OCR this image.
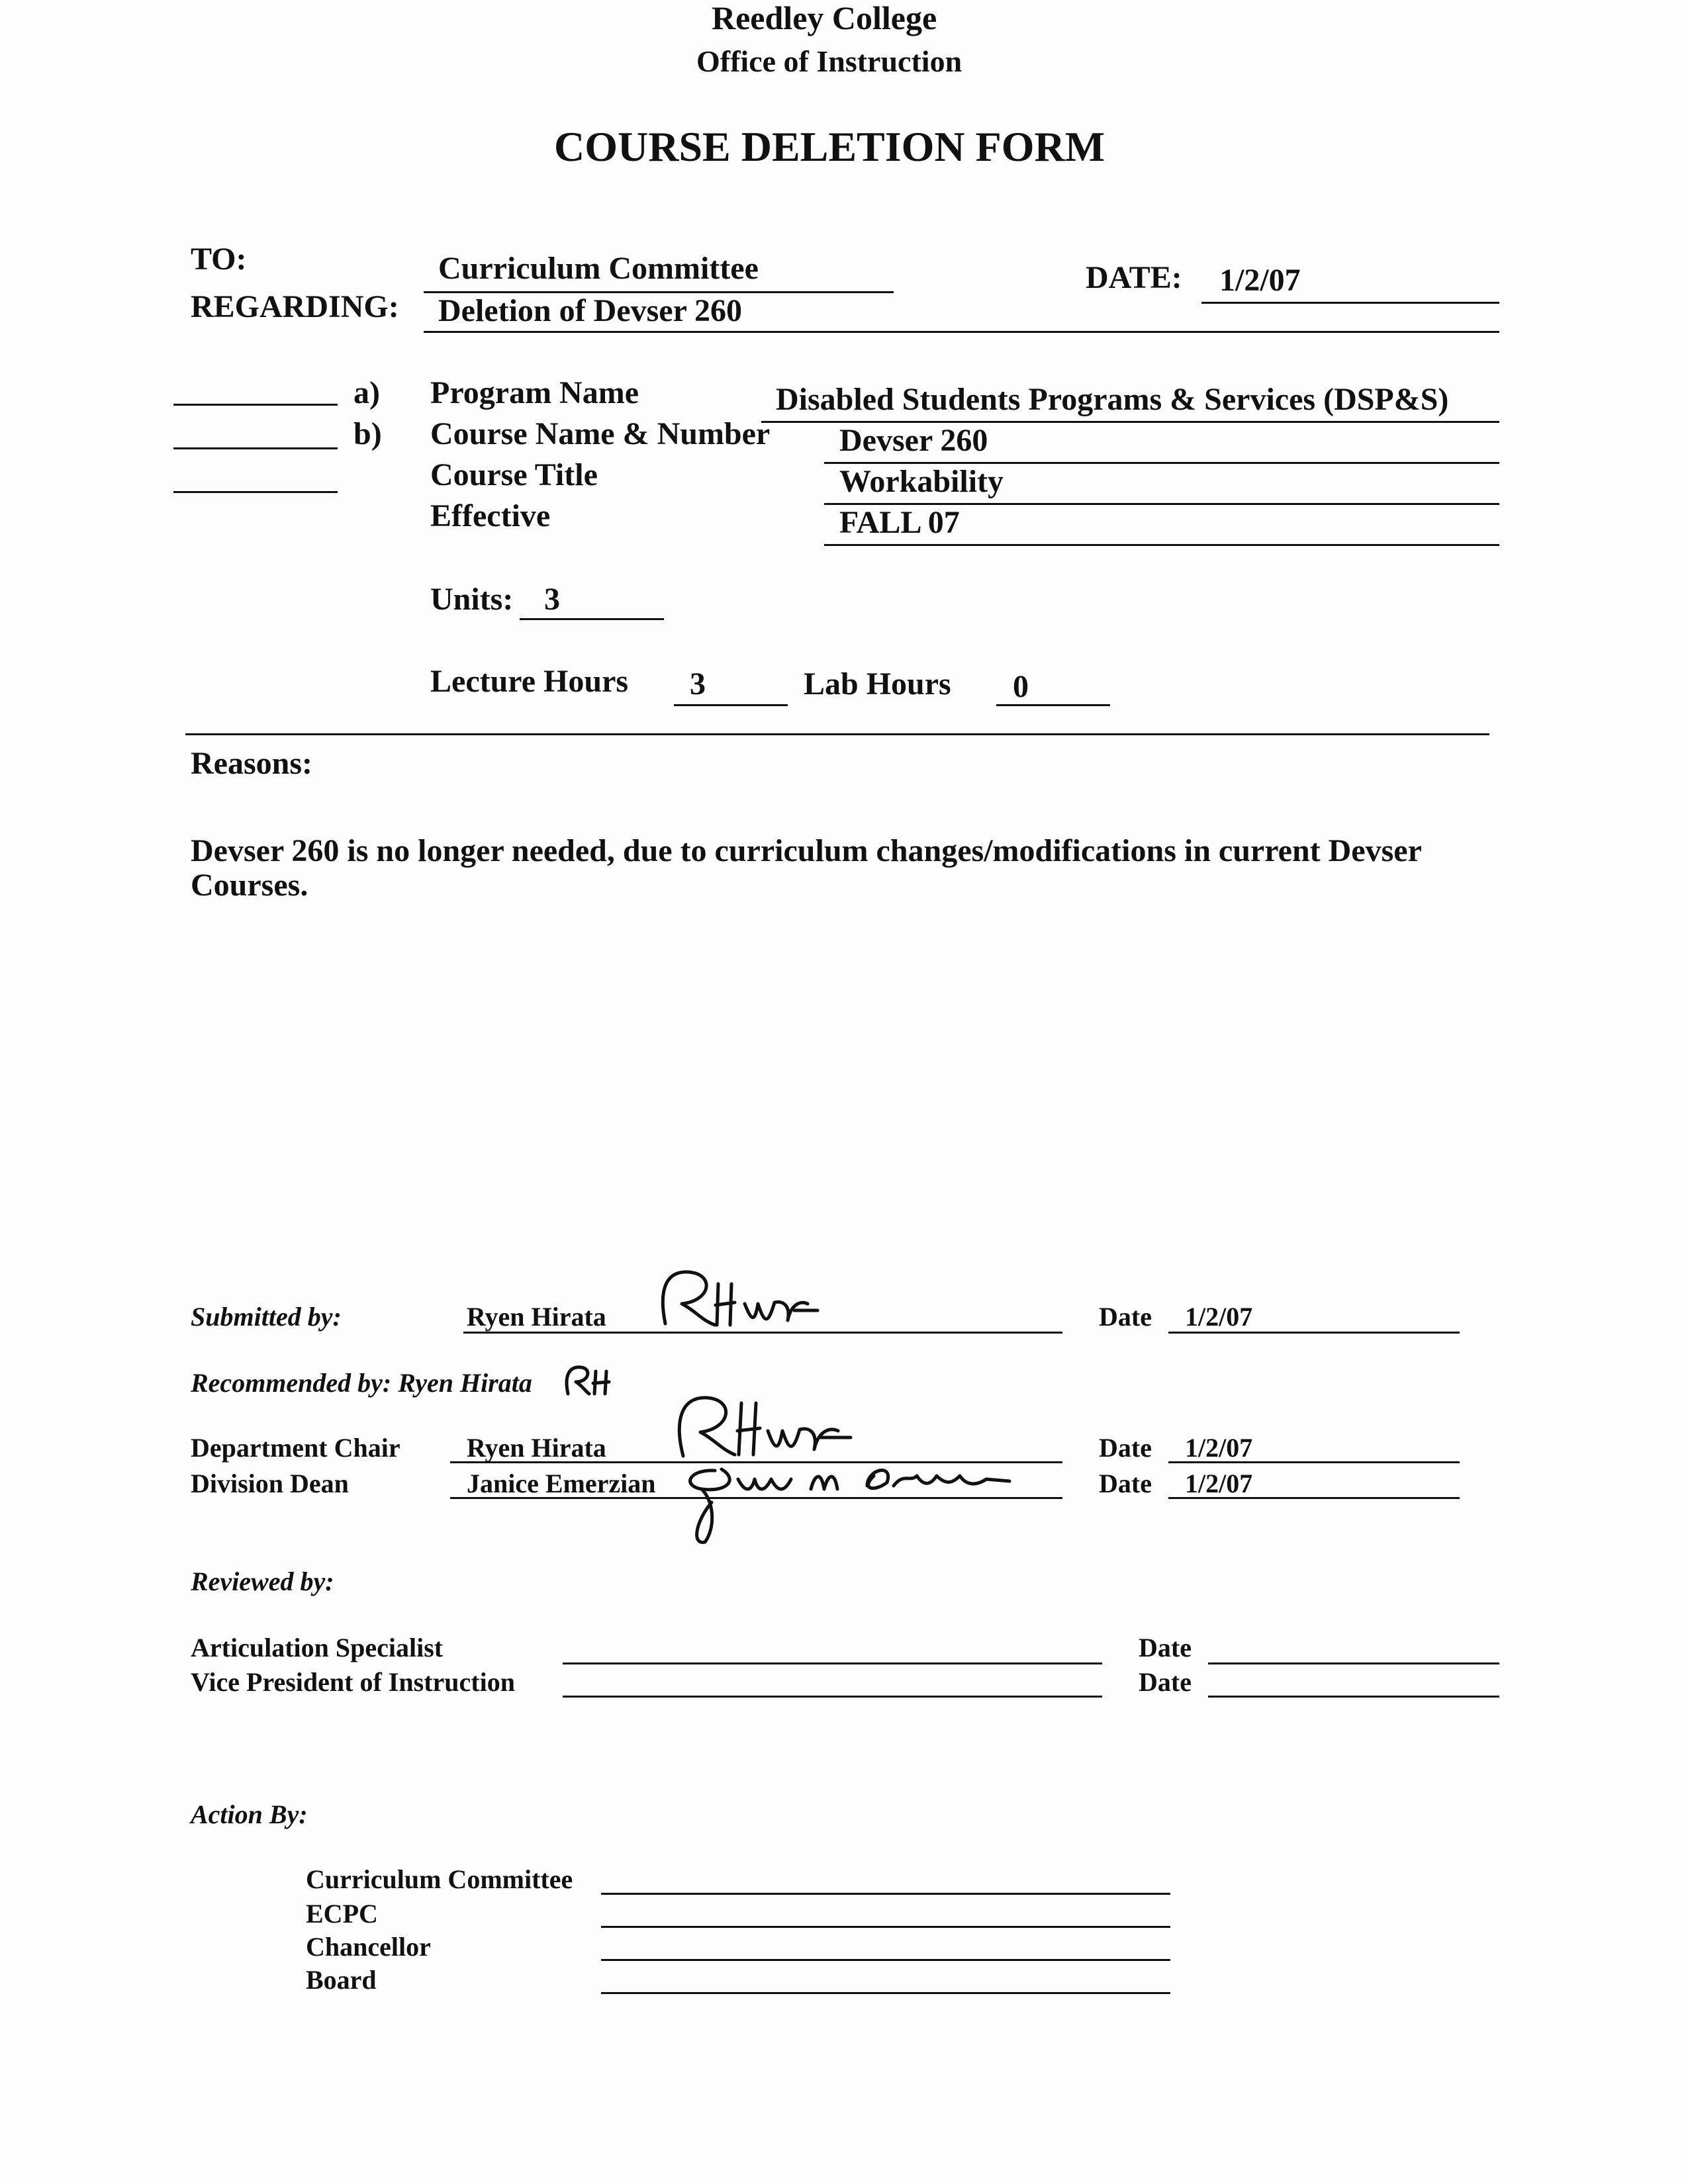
Reedley College
Office of Instruction
COURSE DELETION FORM
TO:	Curriculum Committee	DATE: 1/2/07
REGARDING: Deletion of Devser 260
a)
b)
Program Name	Disabled Students Programs & Services (DSP&S)
Course Name & Number Devser 260
Course Title	Workability
Effective	FALL 07
Units: 3
Lecture Hours 3	Lab Hours 0
Reasons:
Devser 260 is no longer needed, due to curriculum changes/modifications in current Devser
Courses.
Submitted by:	Ryen Hirata	Date 1/2/07
Recommended by: Ryen Hirata
Department Chair	Ryen Hirata	Date 1/2/07
Division Dean	Janice Emerzian	Date 1/2/07
Reviewed by:
Articulation Specialist	Date
Vice President of Instruction	Date
Action By:
Curriculum Committee
ECPC
Chancellor
Board
